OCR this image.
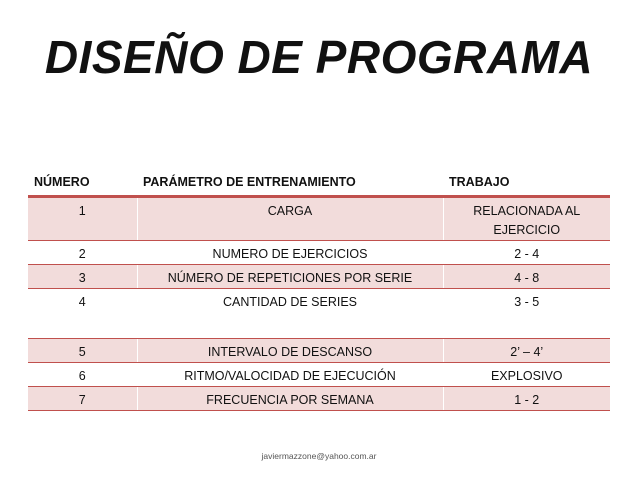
DISEÑO DE PROGRAMA
NÚMERO	PARÁMETRO DE ENTRENAMIENTO	TRABAJO
1	CARGA	RELACIONADA AL EJERCICIO
2	NUMERO DE EJERCICIOS	2 - 4
3	NÚMERO DE REPETICIONES POR SERIE	4 - 8
4	CANTIDAD DE SERIES	3 - 5
5	INTERVALO DE DESCANSO	2’ – 4’
6	RITMO/VALOCIDAD DE EJECUCIÓN	EXPLOSIVO
7	FRECUENCIA POR SEMANA	1 - 2
javiermazzone@yahoo.com.ar
